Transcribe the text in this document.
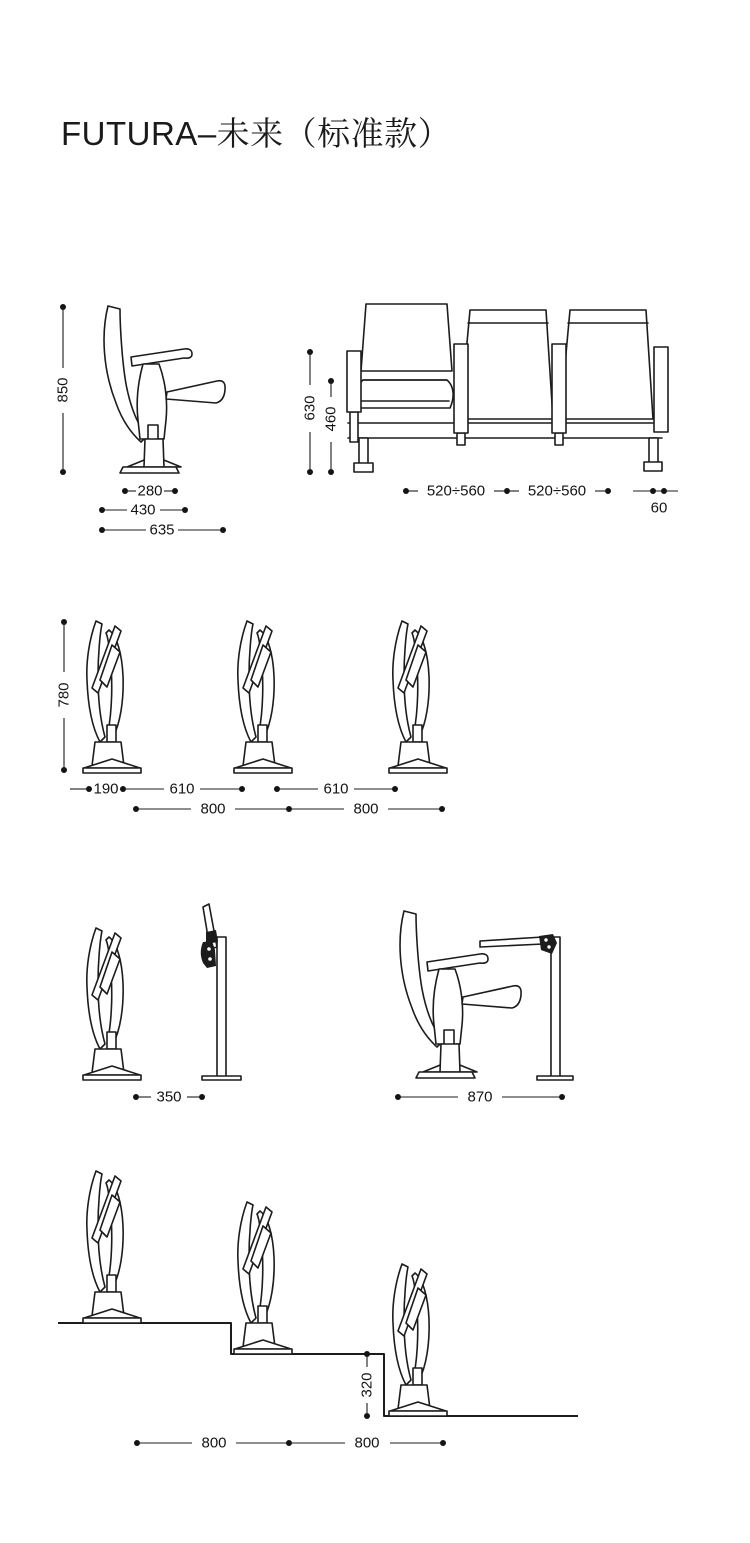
FUTURA–未来（标准款）
850
280
430
635
630 460
520÷560	520÷560
60
780
190	610	610
800	800
350	870
320
800	800
